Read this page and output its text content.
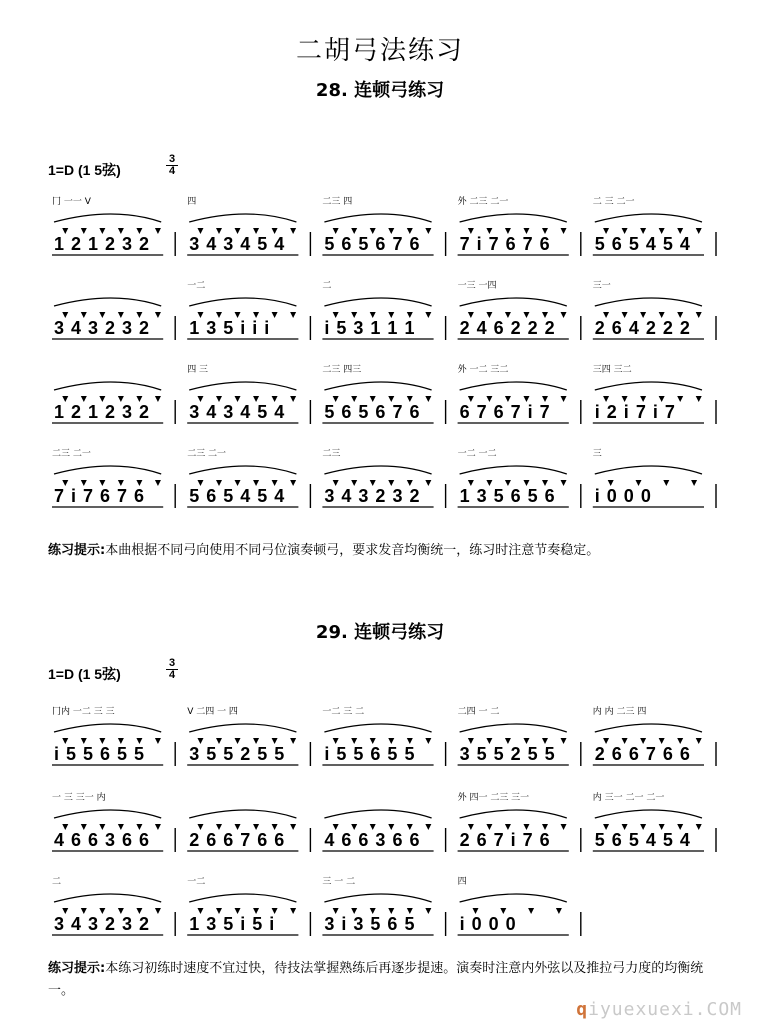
二胡弓法练习
28. 连顿弓练习
1=D (1 5弦)
3
4
冂 一一 V
1 2 1 2 3 2
四
3 4 3 4 5 4
二三 四
5 6 5 6 7 6
外 二三 二一
7 i 7 6 7 6
二 三 二一
5 6 5 4 5 4
3 4 3 2 3 2
一二
1 3 5 i i i
二
i 5 3 1 1 1
一三 一四
2 4 6 2 2 2
三一
2 6 4 2 2 2
1 2 1 2 3 2
四 三
3 4 3 4 5 4
二三 四三
5 6 5 6 7 6
外 一二 三二
6 7 6 7 i 7
三四 三二
i 2 i 7 i 7
二三 二一
7 i 7 6 7 6
二三 二一
5 6 5 4 5 4
二三
3 4 3 2 3 2
一二 一二
1 3 5 6 5 6
三
i 0 0 0
练习提示:本曲根据不同弓向使用不同弓位演奏顿弓，要求发音均衡统一，练习时注意节奏稳定。
29. 连顿弓练习
1=D (1 5弦)
3
4
冂内 一二 三 三
i 5 5 6 5 5
V 二四 一 四
3 5 5 2 5 5
一二 三 二
i 5 5 6 5 5
二四 一 二
3 5 5 2 5 5
内 内 二三 四
2 6 6 7 6 6
一 三 三一 内
4 6 6 3 6 6 2 6 6 7 6 6 4 6 6 3 6 6
外 四一 二三 三一
2 6 7 i 7 6
内 三一 二一 二一
5 6 5 4 5 4
二
3 4 3 2 3 2
一二
1 3 5 i 5 i
三 一 二
3 i 3 5 6 5
四
i 0 0 0
练习提示:本练习初练时速度不宜过快，待技法掌握熟练后再逐步提速。演奏时注意内外弦以及推拉弓力度的均衡统一。
qiyuexuexi.COM
